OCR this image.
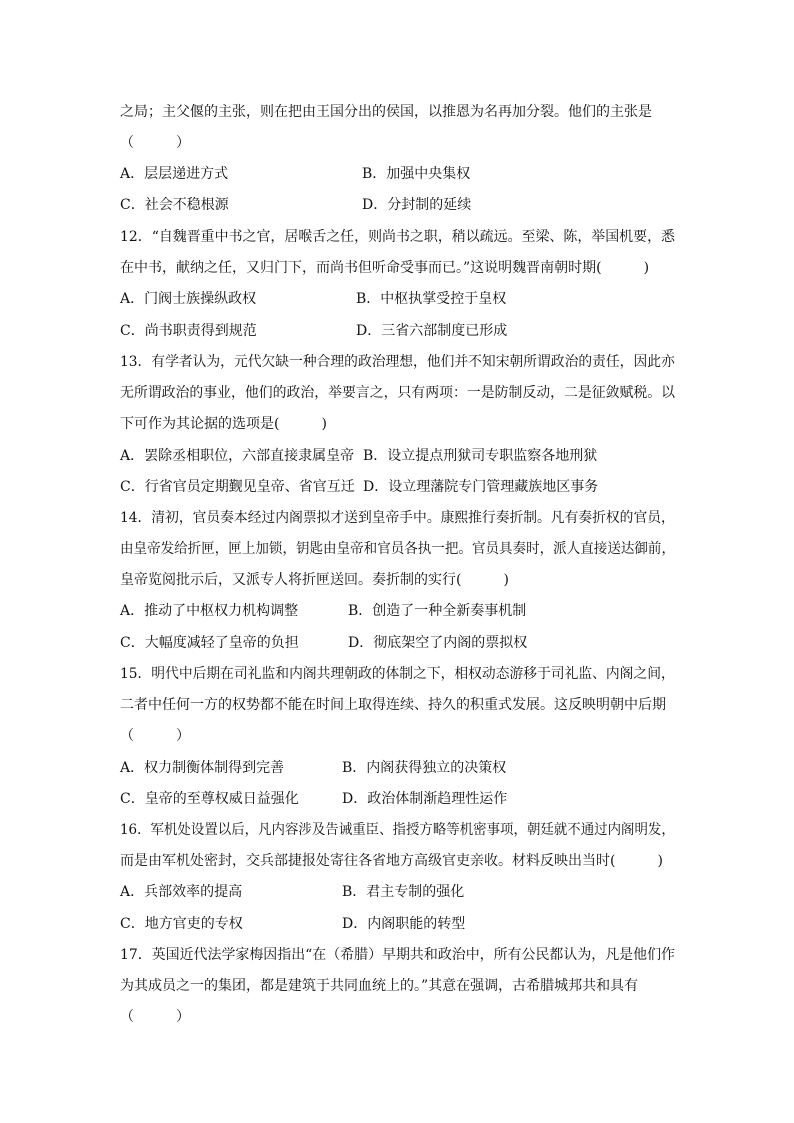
之局；主父偃的主张，则在把由王国分出的侯国，以推恩为名再加分裂。他们的主张是
（　　　）
A．层层递进方式	B．加强中央集权
C．社会不稳根源	D．分封制的延续
12．“自魏晋重中书之官，居喉舌之任，则尚书之职，稍以疏远。至梁、陈，举国机要，悉
在中书，献纳之任，又归门下，而尚书但听命受事而已。”这说明魏晋南朝时期(　　　)
A．门阀士族操纵政权	B．中枢执掌受控于皇权
C．尚书职责得到规范	D．三省六部制度已形成
13．有学者认为，元代欠缺一种合理的政治理想，他们并不知宋朝所谓政治的责任，因此亦
无所谓政治的事业，他们的政治，举要言之，只有两项：一是防制反动，二是征敛赋税。以
下可作为其论据的选项是(　　　)
A．罢除丞相职位，六部直接隶属皇帝 B．设立提点刑狱司专职监察各地刑狱
C．行省官员定期觐见皇帝、省官互迁 D．设立理藩院专门管理藏族地区事务
14．清初，官员奏本经过内阁票拟才送到皇帝手中。康熙推行奏折制。凡有奏折权的官员，
由皇帝发给折匣，匣上加锁，钥匙由皇帝和官员各执一把。官员具奏时，派人直接送达御前，
皇帝览阅批示后，又派专人将折匣送回。奏折制的实行(　　　)
A．推动了中枢权力机构调整	B．创造了一种全新奏事机制
C．大幅度减轻了皇帝的负担	D．彻底架空了内阁的票拟权
15．明代中后期在司礼监和内阁共理朝政的体制之下，相权动态游移于司礼监、内阁之间，
二者中任何一方的权势都不能在时间上取得连续、持久的积重式发展。这反映明朝中后期
（　　　）
A．权力制衡体制得到完善	B．内阁获得独立的决策权
C．皇帝的至尊权威日益强化	D．政治体制渐趋理性运作
16．军机处设置以后，凡内容涉及告诫重臣、指授方略等机密事项，朝廷就不通过内阁明发，
而是由军机处密封，交兵部捷报处寄往各省地方高级官吏亲收。材料反映出当时(　　　)
A．兵部效率的提高	B．君主专制的强化
C．地方官吏的专权	D．内阁职能的转型
17．英国近代法学家梅因指出“在（希腊）早期共和政治中，所有公民都认为，凡是他们作
为其成员之一的集团，都是建筑于共同血统上的。”其意在强调，古希腊城邦共和具有
（　　　）
